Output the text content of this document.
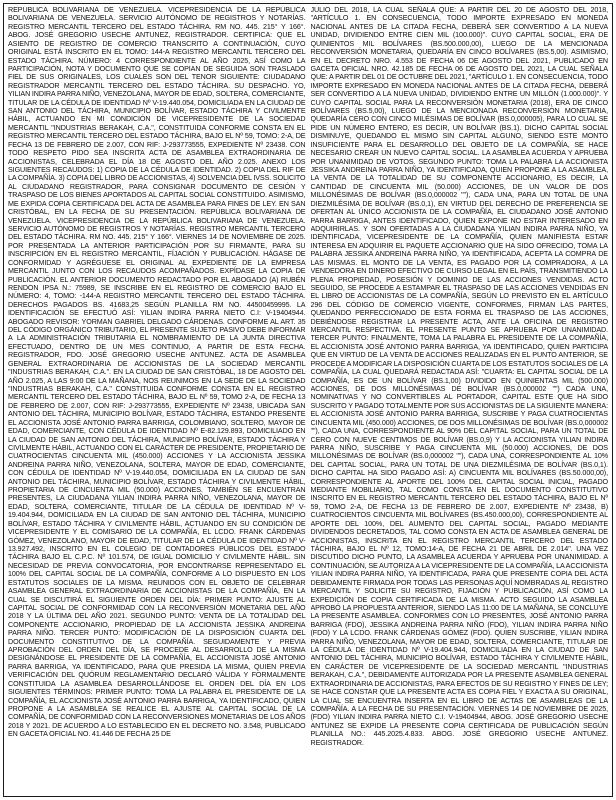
REPÚBLICA BOLIVARIANA DE VENEZUELA. VICEPRESIDENCIA DE LA REPÚBLICA BOLIVARIANA DE VENEZUELA. SERVICIO AUTÓNOMO DE REGISTROS Y NOTARÍAS. REGISTRO MERCANTIL TERCERO DEL ESTADO TÁCHIRA. RM NO. 445. 215° Y 166°. ABOG. JOSÉ GREGORIO USECHE ANTUNEZ, REGISTRADOR. CERTIFICA: QUE EL ASIENTO DE REGISTRO DE COMERCIO TRANSCRITO A CONTINUACIÓN, CUYO ORIGINAL ESTÁ INSCRITO EN EL TOMO: 144-A REGISTRO MERCANTIL TERCERO DEL ESTADO TÁCHIRA. NÚMERO: 4 CORRESPONDIENTE AL AÑO 2025, ASÍ COMO LA PARTICIPACIÓN, NOTA Y DOCUMENTO QUE SE COPIAN DE SEGUIDA SON TRASLADO FIEL DE SUS ORIGINALES, LOS CUALES SON DEL TENOR SIGUIENTE: CIUDADANO REGISTRADOR MERCANTIL TERCERO DEL ESTADO TÁCHIRA. SU DESPACHO. YO, YILIAN INDIRA PARRA NIÑO, VENEZOLANA, MAYOR DE EDAD, SOLTERA, COMERCIANTE, TITULAR DE LA CÉDULA DE IDENTIDAD Nº V-19.440.054, DOMICILIADA EN LA CIUDAD DE SAN ANTONIO DEL TÁCHIRA, MUNICIPIO BOLÍVAR, ESTADO TÁCHIRA Y CIVILMENTE HÁBIL, ACTUANDO EN MI CONDICIÓN DE VICEPRESIDENTE DE LA SOCIEDAD MERCANTIL "INDUSTRIAS BERAKAH, C.A.", CONSTITUIDA CONFORME CONSTA EN EL REGISTRO MERCANTIL TERCERO DEL ESTADO TÁCHIRA, BAJO EL Nº 59, TOMO: 2-A, DE FECHA 13 DE FEBRERO DE 2.007, CON RIF: J-293773555, EXPEDIENTE Nº 23438. CON TODO RESPETO PIDO SEA INSCRITA ACTA DE ASAMBLEA EXTRAORDINARIA DE ACCIONISTAS, CELEBRADA EL DÍA 18 DE AGOSTO DEL AÑO 2.025. ANEXO LOS SIGUIENTES RECAUDOS: 1) COPIA DE LA CÉDULA DE IDENTIDAD. 2) COPIA DEL RIF DE LA COMPAÑÍA. 3) COPIA DEL LIBRO DE ACCIONISTAS, 4) SOLVENCIA DEL IVSS. SOLICITO AL CIUDADANO REGISTRADOR, PARA CONSIGNAR DOCUMENTO DE CESIÓN Y TRASPASO DE LOS BIENES APORTADOS AL CAPITAL SOCIAL CONSTITUIDO. ASIMISMO, ME EXPIDA COPIA CERTIFICADA DEL ACTA DE ASAMBLEA PARA FINES DE LEY. EN SAN CRISTÓBAL, EN LA FECHA DE SU PRESENTACIÓN. REPÚBLICA BOLIVARIANA DE VENEZUELA. VICEPRESIDENCIA DE LA REPÚBLICA BOLIVARIANA DE VENEZUELA. SERVICIO AUTÓNOMO DE REGISTROS Y NOTARÍAS. REGISTRO MERCANTIL TERCERO DEL ESTADO TÁCHIRA. RM NO. 445. 215° Y 166°. VIERNES 14 DE NOVIEMBRE DE 2025. POR PRESENTADA LA ANTERIOR PARTICIPACIÓN POR SU FIRMANTE, PARA SU INSCRIPCIÓN EN EL REGISTRO MERCANTIL, FÍJACIÓN Y PUBLICACIÓN. HÁGASE DE CONFORMIDAD Y AGRÉGUESE EL ORIGINAL AL EXPEDIENTE DE LA EMPRESA MERCANTIL JUNTO CON LOS RECAUDOS ACOMPAÑADOS. EXPÍDASE LA COPIA DE PUBLICACIÓN. EL ANTERIOR DOCUMENTO REDACTADO POR EL ABOGADO (A) RUBÉN RENDON IPSA N.: 75989, SE INSCRIBE EN EL REGISTRO DE COMERCIO BAJO EL NÚMERO: 4, TOMO: -144-A REGISTRO MERCANTIL TERCERO DEL ESTADO TÁCHIRA. DERECHOS PAGADOS BS. 41683,25 SEGÚN PLANILLA RM NO. 44500459995. LA IDENTIFICACIÓN SE EFECTUÓ ASÍ: YILIAN INDIRA PARRA NIETO C.I: V-19404944. ABOGADO REVISOR: YORMAN GABRIEL DELGADO CÁRDENAS. CONFORME AL ART. 35 DEL CÓDIGO ORGÁNICO TRIBUTARIO, EL PRESENTE SUJETO PASIVO DEBE INFORMAR A LA ADMINISTRACIÓN TRIBUTARIA EL NOMBRAMIENTO DE LA JUNTA DIRECTIVA EFECTUADO, DENTRO DE UN MES CONTINUO, A PARTIR DE ESTA FECHA. REGISTRADOR, FDO. JOSÉ GREGORIO USECHE ANTUNEZ. ACTA DE ASAMBLEA GENERAL EXTRAORDINARIA DE ACCIONISTAS DE LA SOCIEDAD MERCANTIL "INDUSTRIAS BERAKAH, C.A.". EN LA CIUDAD DE SAN CRISTÓBAL, 18 DE AGOSTO DEL AÑO 2.025, A LAS 9:00 DE LA MAÑANA, NOS REUNIMOS EN LA SEDE DE LA SOCIEDAD "INDUSTRIAS BERAKAH, C.A." CONSTITUIDA CONFORME CONSTA EN EL REGISTRO MERCANTIL TERCERO DEL ESTADO TÁCHIRA, BAJO EL Nº 59, TOMO 2-A, DE FECHA 13 DE FEBRERO DE 2.007, CON RIF: J-293773555, EXPEDIENTE Nº 23438, UBICADA SAN ANTONIO DEL TÁCHIRA, MUNICIPIO BOLÍVAR, ESTADO TÁCHIRA, ESTANDO PRESENTE EL ACCIONISTA JOSÉ ANTONIO PARRA BARRIGA, COLOMBIANO, SOLTERO, MAYOR DE EDAD, COMERCIANTE, CON CÉDULA DE IDENTIDAD Nº E-82.129.893, DOMICILIADO EN LA CIUDAD DE SAN ANTONIO DEL TÁCHIRA, MUNICIPIO BOLÍVAR, ESTADO TÁCHIRA Y CIVILMENTE HÁBIL, ACTUANDO CON EL CARÁCTER DE PRESIDENTE, PROPIETARIO DE CUATROCIENTAS CINCUENTA MIL (450.000) ACCIONES Y LA ACCIONISTA JESSIKA ANDREINA PARRA NIÑO, VENEZOLANA, SOLTERA, MAYOR DE EDAD, COMERCIANTE, CON CÉDULA DE IDENTIDAD Nº V-19.440.054, DOMICILIADA EN LA CIUDAD DE SAN ANTONIO DEL TÁCHIRA, MUNICIPIO BOLÍVAR, ESTADO TÁCHIRA Y CIVILMENTE HÁBIL, PROPIETARIA DE CINCUENTA MIL (50.000) ACCIONES. TAMBIÉN SE ENCUENTRAN PRESENTES, LA CIUDADANA YILIAN INDIRA PARRA NIÑO, VENEZOLANA, MAYOR DE EDAD, SOLTERA, COMERCIANTE, TITULAR DE LA CÉDULA DE IDENTIDAD Nº V-19.404.944, DOMICILIADA EN LA CIUDAD DE SAN ANTONIO DEL TÁCHIRA, MUNICIPIO BOLÍVAR, ESTADO TÁCHIRA Y CIVILMENTE HÁBIL, ACTUANDO EN SU CONDICIÓN DE VICEPRESIDENTE Y EL COMISARIO DE LA COMPAÑÍA, EL LCDO. FRANK CÁRDENAS GÓMEZ, VENEZOLANO, MAYOR DE EDAD, TITULAR DE LA CÉDULA DE IDENTIDAD Nº V-13.927.492, INSCRITO EN EL COLEGIO DE CONTADORES PÚBLICOS DEL ESTADO TÁCHIRA BAJO EL C.P.C. Nº 101.574, DE IGUAL DOMICILIO Y CIVILMENTE HÁBIL. SIN NECESIDAD DE PREVIA CONVOCATORIA, POR ENCONTRARSE REPRESENTADO EL 100% DEL CAPITAL SOCIAL DE LA COMPAÑÍA, CONFORME A LO DISPUESTO EN LOS ESTATUTOS SOCIALES DE LA MISMA. REUNIDOS CON EL OBJETO DE CELEBRAR ASAMBLEA GENERAL EXTRAORDINARIA DE ACCIONISTAS DE LA COMPAÑÍA, EN LA CUAL SE DISCUTIRÁ EL SIGUIENTE ORDEN DEL DÍA: PRIMER PUNTO: AJUSTE AL CAPITAL SOCIAL DE CONFORMIDAD CON LA RECONVERSIÓN MONETARIA DEL AÑO 2018 Y LA ÚLTIMA DEL AÑO 2021. SEGUNDO PUNTO: VENTA DE LA TOTALIDAD DEL COMPONENTE ACCIONARIO, PROPIEDAD DE LA ACCIONISTA JESSIKA ANDREINA PARRA NIÑO. TERCER PUNTO: MODIFICACIÓN DE LA DISPOSICIÓN CUARTA DEL DOCUMENTO CONSTITUTIVO DE LA COMPAÑÍA. SEGUIDAMENTE Y PREVIA APROBACIÓN DEL ORDEN DEL DÍA, SE PROCEDE AL DESARROLLO DE LA MISMA DESIGNÁNDOSE EL PRESIDENTE DE LA COMPAÑÍA, EL ACCIONISTA JOSÉ ANTONIO PARRA BARRIGA, YA IDENTIFICADO, PARA QUE PRESIDA LA MISMA, QUIEN PREVIA VERIFICACIÓN DEL QUÓRUM REGLAMENTARIO DECLARÓ VÁLIDA Y FORMALMENTE CONSTITUIDA LA ASAMBLEA DESARROLLÁNDOSE EL ORDEN DEL DÍA EN LOS SIGUIENTES TÉRMINOS: PRIMER PUNTO: TOMA LA PALABRA EL PRESIDENTE DE LA COMPAÑÍA, EL ACCIONISTA JOSÉ ANTONIO PARRA BARRIGA, YA IDENTIFICADO, QUIEN PROPONE A LA ASAMBLEA SE REALICE EL AJUSTE AL CAPITAL SOCIAL DE LA COMPAÑÍA, DE CONFORMIDAD CON LA RECONVERSIONES MONETARIAS DE LOS AÑOS 2018 Y 2021. DE ACUERDO A LO ESTABLECIDO EN EL DECRETO NO. 3.548, PUBLICADO EN GACETA OFICIAL NO. 41.446 DE FECHA 25 DE

JULIO DEL 2018, LA CUAL SEÑALA QUE: A PARTIR DEL 20 DE AGOSTO DEL 2018, "ARTÍCULO 1. EN CONSECUENCIA, TODO IMPORTE EXPRESADO EN MONEDA NACIONAL ANTES DE LA CITADA FECHA, DEBERÁ SER CONVERTIDO A LA NUEVA UNIDAD, DIVIDIENDO ENTRE CIEN MIL (100.000)". CUYO CAPITAL SOCIAL, ERA DE QUINIENTOS MIL BOLÍVARES (BS.500.000,00), LUEGO DE LA MENCIONADA RECONVERSIÓN MONETARIA, QUEDARÍA EN CINCO BOLÍVARES (BS.5,00). ASIMISMO, EN EL DECRETO NRO. 4.553 DE FECHA 06 DE AGOSTO DEL 2021, PUBLICADO EN GACETA OFICIAL NRO. 42.185 DE FECHA 06 DE AGOSTO DEL 2021, LA CUAL SEÑALA QUE: A PARTIR DEL 01 DE OCTUBRE DEL 2021, "ARTÍCULO 1. EN CONSECUENCIA, TODO IMPORTE EXPRESADO EN MONEDA NACIONAL ANTES DE LA CITADA FECHA, DEBERÁ SER CONVERTIDO A LA NUEVA UNIDAD, DIVIDIENDO ENTRE UN MILLÓN (1.000.000)". Y CUYO CAPITAL SOCIAL PARA LA RECONVERSIÓN MONETARIA (2018), ERA DE CINCO BOLÍVARES (BS.5,00), LUEGO DE LA MENCIONADA RECONVERSIÓN MONETARIA, QUEDARÍA CERO CON CINCO MILÉSIMAS DE BOLÍVAR (BS.0,000005), PARA LO CUAL SE PIDE UN NÚMERO ENTERO, ES DECIR, UN BOLÍVAR (BS.1). DICHO CAPITAL SOCIAL DISMINUYE, QUEDANDO EL MISMO SIN CAPITAL ALGUNO, SIENDO ESTE MONTO INSUFICIENTE PARA EL DESARROLLO DEL OBJETO DE LA COMPAÑÍA, SE HACE NECESARIO CREAR UN NUEVO CAPITAL SOCIAL. LA ASAMBLEA ACUERDA Y APRUEBA POR UNANIMIDAD DE VOTOS. SEGUNDO PUNTO: TOMA LA PALABRA LA ACCIONISTA JESSIKA ANDREINA PARRA NIÑO, YA IDENTIFICADA, QUIEN PROPONE A LA ASAMBLEA, LA VENTA DE LA TOTALIDAD DE SU COMPONENTE ACCIONARIO, ES DECIR, LA CANTIDAD DE CINCUENTA MIL (50.000) ACCIONES, DE UN VALOR DE DOS MILLONÉSIMAS DE BOLÍVAR (BS.0,000002 ""), CADA UNA, PARA UN TOTAL DE UNA DIEZMILÉSIMA DE BOLÍVAR (BS.0,1), EN VIRTUD DEL DERECHO DE PREFERENCIA SE OFERTAN AL ÚNICO ACCIONISTA DE LA COMPAÑÍA, EL CIUDADANO JOSÉ ANTONIO PARRA BARRIGA, ANTES IDENTIFICADO, QUIEN EXPONE NO ESTAR INTERESADO EN ADQUIRIRLAS. Y SON OFERTADAS A LA CIUDADANA YILIAN INDIRA PARRA NIÑO, YA IDENTIFICADA, VICEPRESIDENTE DE LA COMPAÑÍA, QUIEN MANIFIESTA ESTAR INTERESA EN ADQUIRIR EL PAQUETE ACCIONARIO QUE HA SIDO OFRECIDO, TOMA LA PALABRA JESSIKA ANDREINA PARRA NIÑO, YA IDENTIFICADA, ACEPTA LA COMPRA DE LAS MISMAS. EL MONTO DE LA VENTA, ES PAGADO POR LA COMPRADORA, A LA VENDEDORA EN DINERO EFECTIVO DE CURSO LEGAL EN EL PAÍS, TRANSMITIENDO LA PLENA PROPIEDAD, POSESIÓN Y DOMINIO DE LAS ACCIONES VENDIDAS. ACTO SEGUIDO, SE PROCEDE A ESTAMPAR EL TRASPASO DE LAS ACCIONES VENDIDAS EN EL LIBRO DE ACCIONISTAS DE LA COMPAÑÍA, SEGÚN LO PREVISTO EN EL ARTÍCULO 296 DEL CÓDIGO DE COMERCIO VIGENTE, CONFORMES, FIRMAN LAS PARTES, QUEDANDO PERFECCIONADO DE ESTA FORMA EL TRASPASO DE LAS ACCIONES, DEBIÉNDOSE REGISTRAR LA PRESENTE ACTA, ANTE LA OFICINA DE REGISTRO MERCANTIL RESPECTIVA. EL PRESENTE PUNTO SE APRUEBA POR UNANIMIDAD. TERCER PUNTO: FINALMENTE, TOMA LA PALABRA EL PRESIDENTE DE LA COMPAÑÍA, EL ACCIONISTA JOSÉ ANTONIO PARRA BARRIGA, YA IDENTIFICADO, QUIEN PARTICIPA QUE EN VIRTUD DE LA VENTA DE ACCIONES REALIZADAS EN EL PUNTO ANTERIOR, SE PROCEDE A MODIFICAR LA DISPOSICIÓN CUARTA DE LOS ESTATUTOS SOCIALES DE LA COMPAÑÍA, LA CUAL QUEDARÁ REDACTADA ASÍ: "CUARTA: EL CAPITAL SOCIAL DE LA COMPAÑÍA, ES DE UN BOLÍVAR (BS.1,00) DIVIDIDO EN QUINIENTAS MIL (500.000) ACCIONES, DE DOS MILLONÉSIMAS DE BOLÍVAR (BS.0,000002 "") CADA UNA, NOMINATIVAS Y NO CONVERTIBLES AL PORTADOR, CAPITAL ESTE QUE HA SIDO SUSCRITO Y PAGADO TOTALMENTE POR SUS ACCIONISTAS DE LA SIGUIENTE MANERA: EL ACCIONISTA JOSÉ ANTONIO PARRA BARRIGA, SUSCRIBE Y PAGA CUATROCIENTAS CINCUENTA MIL (450.000) ACCIONES, DE DOS MILLONÉSIMAS DE BOLÍVAR (BS.0,000002 ""), CADA UNA, CORRESPONDIENTE AL 90% DEL CAPITAL SOCIAL, PARA UN TOTAL DE CERO CON NUEVE CENTIMOS DE BOLÍVAR (BS.0,9) Y LA ACCIONISTA YILIAN INDIRA PARRA NIÑO, SUSCRIBE Y PAGA CINCUENTA MIL (50.000) ACCIONES, DE DOS MILLONÉSIMAS DE BOLÍVAR (BS.0,000002 ""), CADA UNA, CORRESPONDIENTE AL 10% DEL CAPITAL SOCIAL, PARA UN TOTAL DE UNA DIEZMILÉSIMA DE BOLÍVAR (BS.0,1). DICHO CAPITAL HA SIDO PAGADO ASÍ: A) CINCUENTA MIL BOLÍVARES (BS.50.000,00), CORRESPONDIENTE AL APORTE DEL 100% DEL CAPITAL SOCIAL INICIAL, PAGADO MEDIANTE MOBILIARIO, TAL COMO CONSTA EN EL DOCUMENTO CONSTITUTIVO INSCRITO EN EL REGISTRO MERCANTIL TERCERO DEL ESTADO TÁCHIRA, BAJO EL Nº 59, TOMO 2-A, DE FECHA 13 DE FEBRERO DE 2.007, EXPEDIENTE Nº 23438, B) CUATROCIENTOS CINCUENTA MIL BOLÍVARES (BS.450.000,00), CORRESPONDIENTE AL APORTE DEL 100%, DEL AUMENTO DEL CAPITAL SOCIAL, PAGADO MEDIANTE DIVIDENDOS DECRETADOS, TAL COMO CONSTA EN ACTA DE ASAMBLEA GENERAL DE ACCIONISTAS, INSCRITA EN EL REGISTRO MERCANTIL TERCERO DEL ESTADO TÁCHIRA, BAJO EL Nº 12, TOMO:14-A, DE FECHA 21 DE ABRIL DE 2.014". UNA VEZ DISCUTIDO DICHO PUNTO, LA ASAMBLEA ACUERDA Y APRUEBA POR UNANIMIDAD. A CONTINUACIÓN, SE AUTORIZA A LA VICEPRESIDENTE DE LA COMPAÑÍA, LA ACCIONISTA YILIAN INDIRA PARRA NIÑO, YA IDENTIFICADA, PARA QUE PRESENTE COPIA DEL ACTA DEBIDAMENTE FIRMADA POR TODAS LAS PERSONAS AQUÍ NOMBRADAS AL REGISTRO MERCANTIL Y SOLICITE SU REGISTRO, FIJACIÓN Y PUBLICACIÓN, ASÍ COMO LA EXPEDICIÓN DE COPIA CERTIFICADA DE LA MISMA. ACTO SEGUIDO LA ASAMBLEA APROBÓ LA PROPUESTA ANTERIOR, SIENDO LAS 11:00 DE LA MAÑANA, SE CONCLUYE LA PRESENTE ASAMBLEA. CONFORMES CON LO PRESENTES, JOSÉ ANTONIO PARRA BARRIGA (FDO), JESSIKA ANDREINA PARRA NIÑO (FDO), YILIAN INDIRA PARRA NIÑO (FDO) Y LA LCDO. FRANK CÁRDENAS GÓMEZ (FDO). QUIEN SUSCRIBE, YILIAN INDIRA PARRA NIÑO, VENEZOLANA, MAYOR DE EDAD, SOLTERA, COMERCIANTE, TITULAR DE LA CÉDULA DE IDENTIDAD Nº V-19.404.944, DOMICILIADA EN LA CIUDAD DE SAN ANTONIO DEL TÁCHIRA, MUNICIPIO BOLÍVAR, ESTADO TÁCHIRA Y CIVILMENTE HÁBIL, EN CARÁCTER DE VICEPRESIDENTE DE LA SOCIEDAD MERCANTIL "INDUSTRIAS BERAKAH, C.A.", DEBIDAMENTE AUTORIZADA POR LA PRESENTE ASAMBLEA GENERAL EXTRAORDINARIA DE ACCIONISTAS, PARA EFECTOS DE SU REGISTRO Y FINES DE LEY; SE HACE CONSTAR QUE LA PRESENTE ACTA ES COPIA FIEL Y EXACTA A SU ORIGINAL, LA CUAL SE ENCUENTRA INSERTA EN EL LIBRO DE ACTAS DE ASAMBLEAS DE LA COMPAÑÍA. A LA FECHA DE SU PRESENTACIÓN. VIERNES 14 DE NOVIEMBRE DE 2025, (FDO) YILIAN INDIRA PARRA NIETO C.I. V-19404944, ABOG. JOSÉ GREGORIO USECHE ANTUNEZ SE EXPIDE LA PRESENTE COPIA CERTIFICADA DE PUBLICACIÓN SEGÚN PLANILLA NO.: 445.2025.4.833. ABOG. JOSÉ GREGORIO USECHE ANTUNEZ. REGISTRADOR.
